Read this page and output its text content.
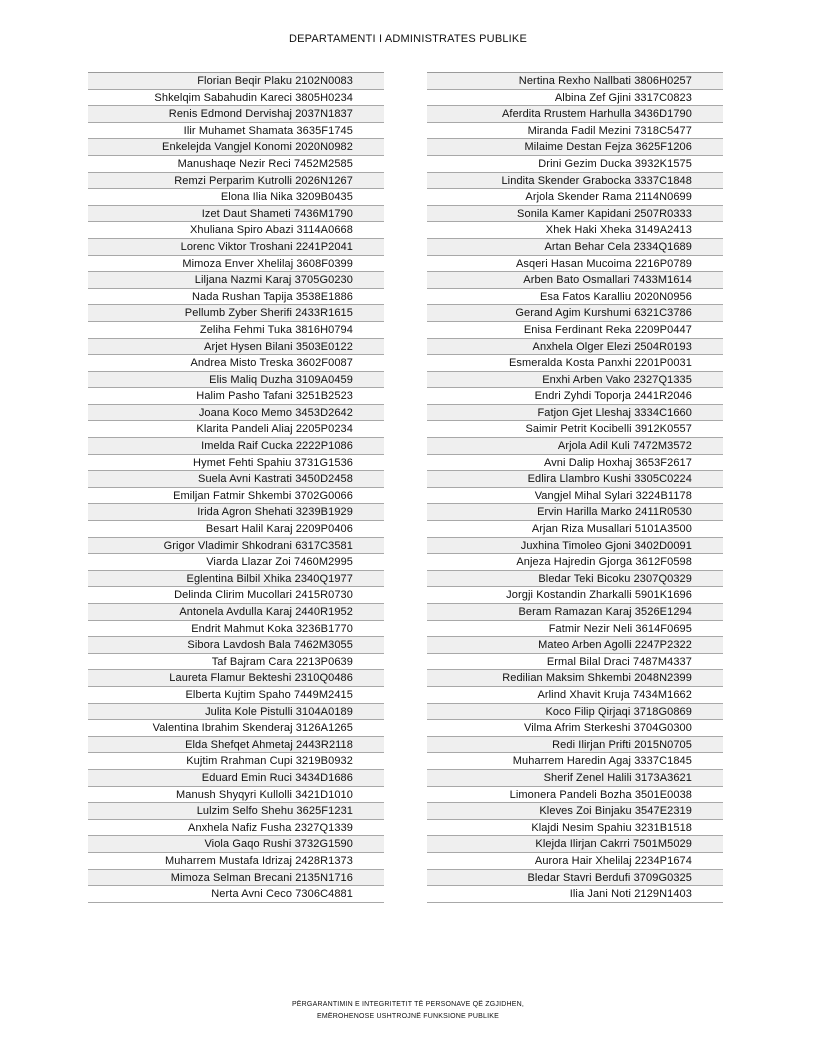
DEPARTAMENTI I ADMINISTRATES PUBLIKE
Florian Beqir Plaku 2102N0083
Shkelqim Sabahudin Kareci 3805H0234
Renis Edmond Dervishaj 2037N1837
Ilir Muhamet Shamata 3635F1745
Enkelejda Vangjel Konomi 2020N0982
Manushaqe Nezir Reci 7452M2585
Remzi Perparim Kutrolli 2026N1267
Elona Ilia Nika 3209B0435
Izet Daut Shameti 7436M1790
Xhuliana Spiro Abazi 3114A0668
Lorenc Viktor Troshani 2241P2041
Mimoza Enver Xhelilaj 3608F0399
Liljana Nazmi Karaj 3705G0230
Nada Rushan Tapija 3538E1886
Pellumb Zyber Sherifi 2433R1615
Zeliha Fehmi Tuka 3816H0794
Arjet Hysen Bilani 3503E0122
Andrea Misto Treska 3602F0087
Elis Maliq Duzha 3109A0459
Halim Pasho Tafani 3251B2523
Joana Koco Memo 3453D2642
Klarita Pandeli Aliaj 2205P0234
Imelda Raif Cucka 2222P1086
Hymet Fehti Spahiu 3731G1536
Suela Avni Kastrati 3450D2458
Emiljan Fatmir Shkembi 3702G0066
Irida Agron Shehati 3239B1929
Besart Halil Karaj 2209P0406
Grigor Vladimir Shkodrani 6317C3581
Viarda Llazar Zoi 7460M2995
Eglentina Bilbil Xhika 2340Q1977
Delinda Clirim Mucollari 2415R0730
Antonela Avdulla Karaj 2440R1952
Endrit Mahmut Koka 3236B1770
Sibora Lavdosh Bala 7462M3055
Taf Bajram Cara 2213P0639
Laureta Flamur Bekteshi 2310Q0486
Elberta Kujtim Spaho 7449M2415
Julita Kole Pistulli 3104A0189
Valentina Ibrahim Skenderaj 3126A1265
Elda Shefqet Ahmetaj 2443R2118
Kujtim Rrahman Cupi 3219B0932
Eduard Emin Ruci 3434D1686
Manush Shyqyri Kullolli 3421D1010
Lulzim Selfo Shehu 3625F1231
Anxhela Nafiz Fusha 2327Q1339
Viola Gaqo Rushi 3732G1590
Muharrem Mustafa Idrizaj 2428R1373
Mimoza Selman Brecani 2135N1716
Nerta Avni Ceco 7306C4881
Nertina Rexho Nallbati 3806H0257
Albina Zef Gjini 3317C0823
Aferdita Rrustem Harhulla 3436D1790
Miranda Fadil Mezini 7318C5477
Milaime Destan Fejza 3625F1206
Drini Gezim Ducka 3932K1575
Lindita Skender Grabocka 3337C1848
Arjola Skender Rama 2114N0699
Sonila Kamer Kapidani 2507R0333
Xhek Haki Xheka 3149A2413
Artan Behar Cela 2334Q1689
Asqeri Hasan Mucoima 2216P0789
Arben Bato Osmallari 7433M1614
Esa Fatos Karalliu 2020N0956
Gerand Agim Kurshumi 6321C3786
Enisa Ferdinant Reka 2209P0447
Anxhela Olger Elezi 2504R0193
Esmeralda Kosta Panxhi 2201P0031
Enxhi Arben Vako 2327Q1335
Endri Zyhdi Toporja 2441R2046
Fatjon Gjet Lleshaj 3334C1660
Saimir Petrit Kocibelli 3912K0557
Arjola Adil Kuli 7472M3572
Avni Dalip Hoxhaj 3653F2617
Edlira Llambro Kushi 3305C0224
Vangjel Mihal Sylari 3224B1178
Ervin Harilla Marko 2411R0530
Arjan Riza Musallari 5101A3500
Juxhina Timoleo Gjoni 3402D0091
Anjeza Hajredin Gjorga 3612F0598
Bledar Teki Bicoku 2307Q0329
Jorgji Kostandin Zharkalli 5901K1696
Beram Ramazan Karaj 3526E1294
Fatmir Nezir Neli 3614F0695
Mateo Arben Agolli 2247P2322
Ermal Bilal Draci 7487M4337
Redilian Maksim Shkembi 2048N2399
Arlind Xhavit Kruja 7434M1662
Koco Filip Qirjaqi 3718G0869
Vilma Afrim Sterkeshi 3704G0300
Redi Ilirjan Prifti 2015N0705
Muharrem Haredin Agaj 3337C1845
Sherif Zenel Halili 3173A3621
Limonera Pandeli Bozha 3501E0038
Kleves Zoi Binjaku 3547E2319
Klajdi Nesim Spahiu 3231B1518
Klejda Ilirjan Cakrri 7501M5029
Aurora Hair Xhelilaj 2234P1674
Bledar Stavri Berdufi 3709G0325
Ilia Jani Noti 2129N1403
PËRGARANTIMIN E INTEGRITETIT TË PERSONAVE QË ZGJIDHEN,
EMËROHENOSE USHTROJNË FUNKSIONE PUBLIKE
